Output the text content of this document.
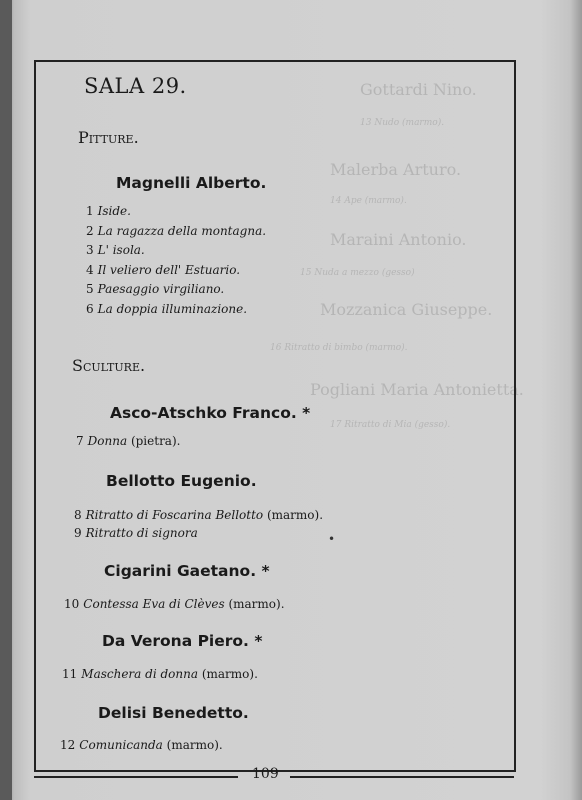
Gottardi Nino.
13 Nudo (marmo).
Malerba Arturo.
14 Ape (marmo).
Maraini Antonio.
15 Nuda a mezzo (gesso)
Mozzanica Giuseppe.
16 Ritratto di bimbo (marmo).
Pogliani Maria Antonietta.
17 Ritratto di Mia (gesso).
SALA 29.
Pitture.
Magnelli Alberto.
1 Iside.
2 La ragazza della montagna.
3 L' isola.
4 Il veliero dell' Estuario.
5 Paesaggio virgiliano.
6 La doppia illuminazione.
Sculture.
Asco-Atschko Franco. *
7 Donna (pietra).
Bellotto Eugenio.
8 Ritratto di Foscarina Bellotto (marmo).
9 Ritratto di signora
Cigarini Gaetano. *
10 Contessa Eva di Clèves (marmo).
Da Verona Piero. *
11 Maschera di donna (marmo).
Delisi Benedetto.
12 Comunicanda (marmo).
•
109
